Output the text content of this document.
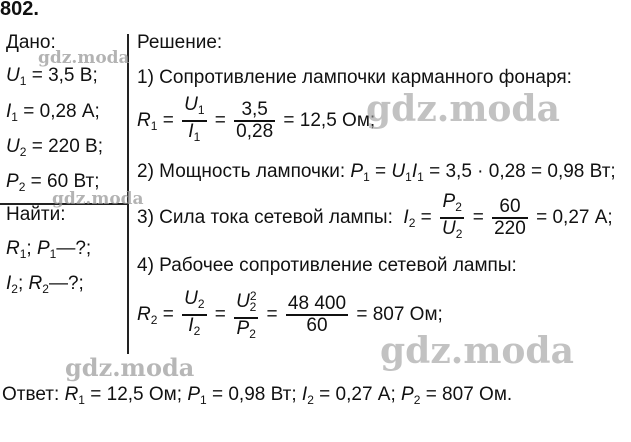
802.
Дано:
$U_1 = 3,5$ В;
$I_1 = 0,28$ А;
$U_2 = 220$ В;
$P_2 = 60$ Вт;
Найти:
$R_1$; $P_1—$?;
$I_2$; $R_2—$?;
Решение:
1) Сопротивление лампочки карманного фонаря:
$R_1 = \frac{U_1}{I_1} = \frac{3,5}{0,28} = 12,5$ Ом;
2) Мощность лампочки: $P_1 = U_1I_1 = 3,5 \cdot 0,28 = 0,98$ Вт;
3) Сила тока сетевой лампы: $I_2 = \frac{P_2}{U_2} = \frac{60}{220} = 0,27$ А;
4) Рабочее сопротивление сетевой лампы:
$R_2 = \frac{U_2}{I_2} = \frac{U^2_2}{P_2} = \frac{48 400}{60} = 807$ Ом;
Ответ: $R_1 = 12,5$ Ом; $P_1 = 0,98$ Вт; $I_2 = 0,27$ А; $P_2 = 807$ Ом.
gdz.moda
gdz.moda
gdz.moda
gdz.moda	gdz.moda
